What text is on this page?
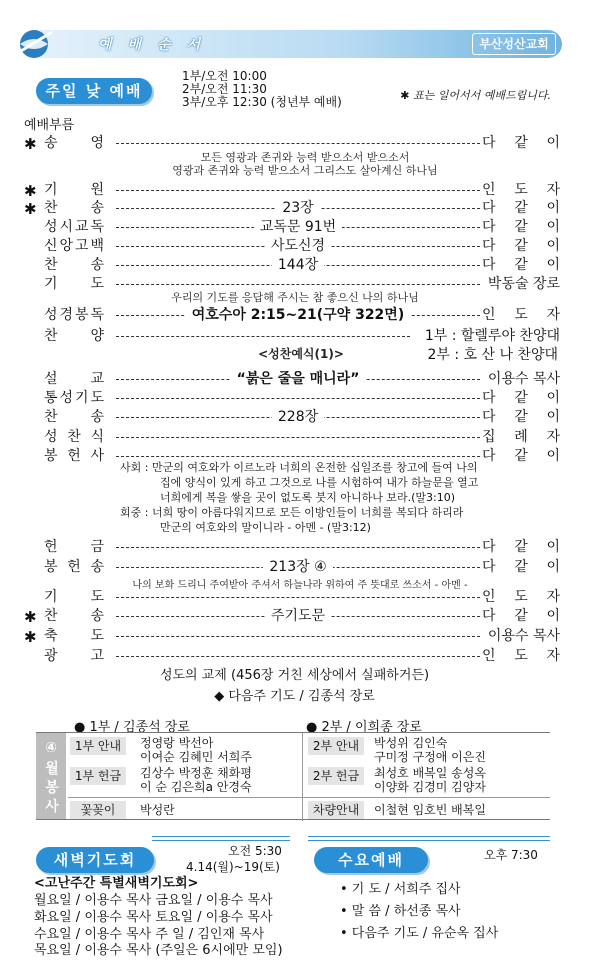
예배순서	부산성산교회
주일 낮 예배
1부/오전 10:00
2부/오전 11:30
3부/오후 12:30 (청년부 예배)	✱ 표는 일어서서 예배드립니다.
예배부름
✱ 송 영	다 같 이
✱ 기 원	인 도 자
✱ 찬 송	23장	다 같 이
성 시 교 독	교독문 91번	다 같 이
신 앙 고 백	사도신경	다 같 이
찬 송	144장	다 같 이
기 도	박동술 장로
성 경 봉 독	여호수아 2:15~21(구약 322면)	인 도 자
찬 양	1부 : 할렐루야 찬양대
설 교	“붉은 줄을 매니라”	이용수 목사
통 성 기 도	다 같 이
찬 송	228장	다 같 이
성 찬 식	집 례 자
봉 헌 사	다 같 이
헌 금	다 같 이
봉 헌 송	213장 ④	다 같 이
기 도	인 도 자
✱ 찬 송	주기도문	다 같 이
✱ 축 도	이용수 목사
광 고	인 도 자
모든 영광과 존귀와 능력 받으소서 받으소서
영광과 존귀와 능력 받으소서 그리스도 살아계신 하나님
우리의 기도를 응답해 주시는 참 좋으신 나의 하나님
<성찬예식(1)>	2부 : 호 산 나 찬양대
사회 : 만군의 여호와가 이르노라 너희의 온전한 십일조를 창고에 들여 나의
집에 양식이 있게 하고 그것으로 나를 시험하여 내가 하늘문을 열고
너희에게 복을 쌓을 곳이 없도록 붓지 아니하나 보라.(말3:10)
회중 : 너희 땅이 아름다워지므로 모든 이방인들이 너희를 복되다 하리라
만군의 여호와의 말이니라 - 아멘 - (말3:12)
나의 보화 드리니 주여받아 주셔서 하늘나라 위하여 주 뜻대로 쓰소서 - 아멘 -
성도의 교제 (456장 거친 세상에서 실패하거든)
◆ 다음주 기도 / 김종석 장로
● 1부 / 김종석 장로	● 2부 / 이희종 장로
④ 월 봉 사 위 원
1부 안내	정영랑 박선아
이여순 김혜민 서희주
1부 헌금	김상수 박정훈 채화평
이 순 김은희a 안경숙
꽃꽂이	박성란
2부 안내	박성위 김인숙
구미정 구정애 이은진
2부 헌금	최성호 배복일 송성옥
이양화 김경미 김양자
차량안내	이철현 임호빈 배복일
새벽기도회	오전 5:30
4.14(월)~19(토)
<고난주간 특별새벽기도회>
월요일 / 이용수 목사 금요일 / 이용수 목사
화요일 / 이용수 목사 토요일 / 이용수 목사
수요일 / 이용수 목사 주 일 / 김인재 목사
목요일 / 이용수 목사 (주일은 6시에만 모임)
수요예배	오후 7:30
• 기 도 / 서희주 집사
• 말 씀 / 하선종 목사
• 다음주 기도 / 유순옥 집사
